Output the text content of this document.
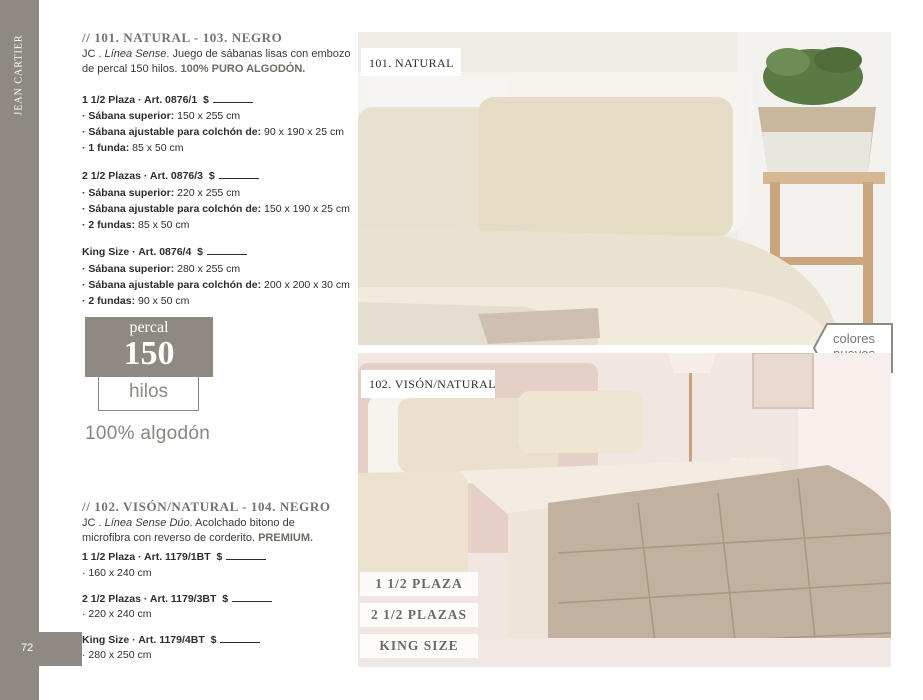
JEAN CARTIER
72
// 101. NATURAL - 103. NEGRO
JC . Línea Sense. Juego de sábanas lisas con embozo de percal 150 hilos. 100% PURO ALGODÓN.
1 1/2 Plaza · Art. 0876/1 $
· Sábana superior: 150 x 255 cm
· Sábana ajustable para colchón de: 90 x 190 x 25 cm
· 1 funda: 85 x 50 cm
2 1/2 Plazas · Art. 0876/3 $
· Sábana superior: 220 x 255 cm
· Sábana ajustable para colchón de: 150 x 190 x 25 cm
· 2 fundas: 85 x 50 cm
King Size · Art. 0876/4 $
· Sábana superior: 280 x 255 cm
· Sábana ajustable para colchón de: 200 x 200 x 30 cm
· 2 fundas: 90 x 50 cm
percal
150
hilos
100% algodón
// 102. VISÓN/NATURAL - 104. NEGRO
JC . Línea Sense Dúo. Acolchado bitono de microfibra con reverso de corderito. PREMIUM.
1 1/2 Plaza · Art. 1179/1BT $
· 160 x 240 cm
2 1/2 Plazas · Art. 1179/3BT $
· 220 x 240 cm
King Size · Art. 1179/4BT $
· 280 x 250 cm
101. NATURAL
colores
102. VISÓN/NATURAL
1 1/2 PLAZA
2 1/2 PLAZAS
KING SIZE
